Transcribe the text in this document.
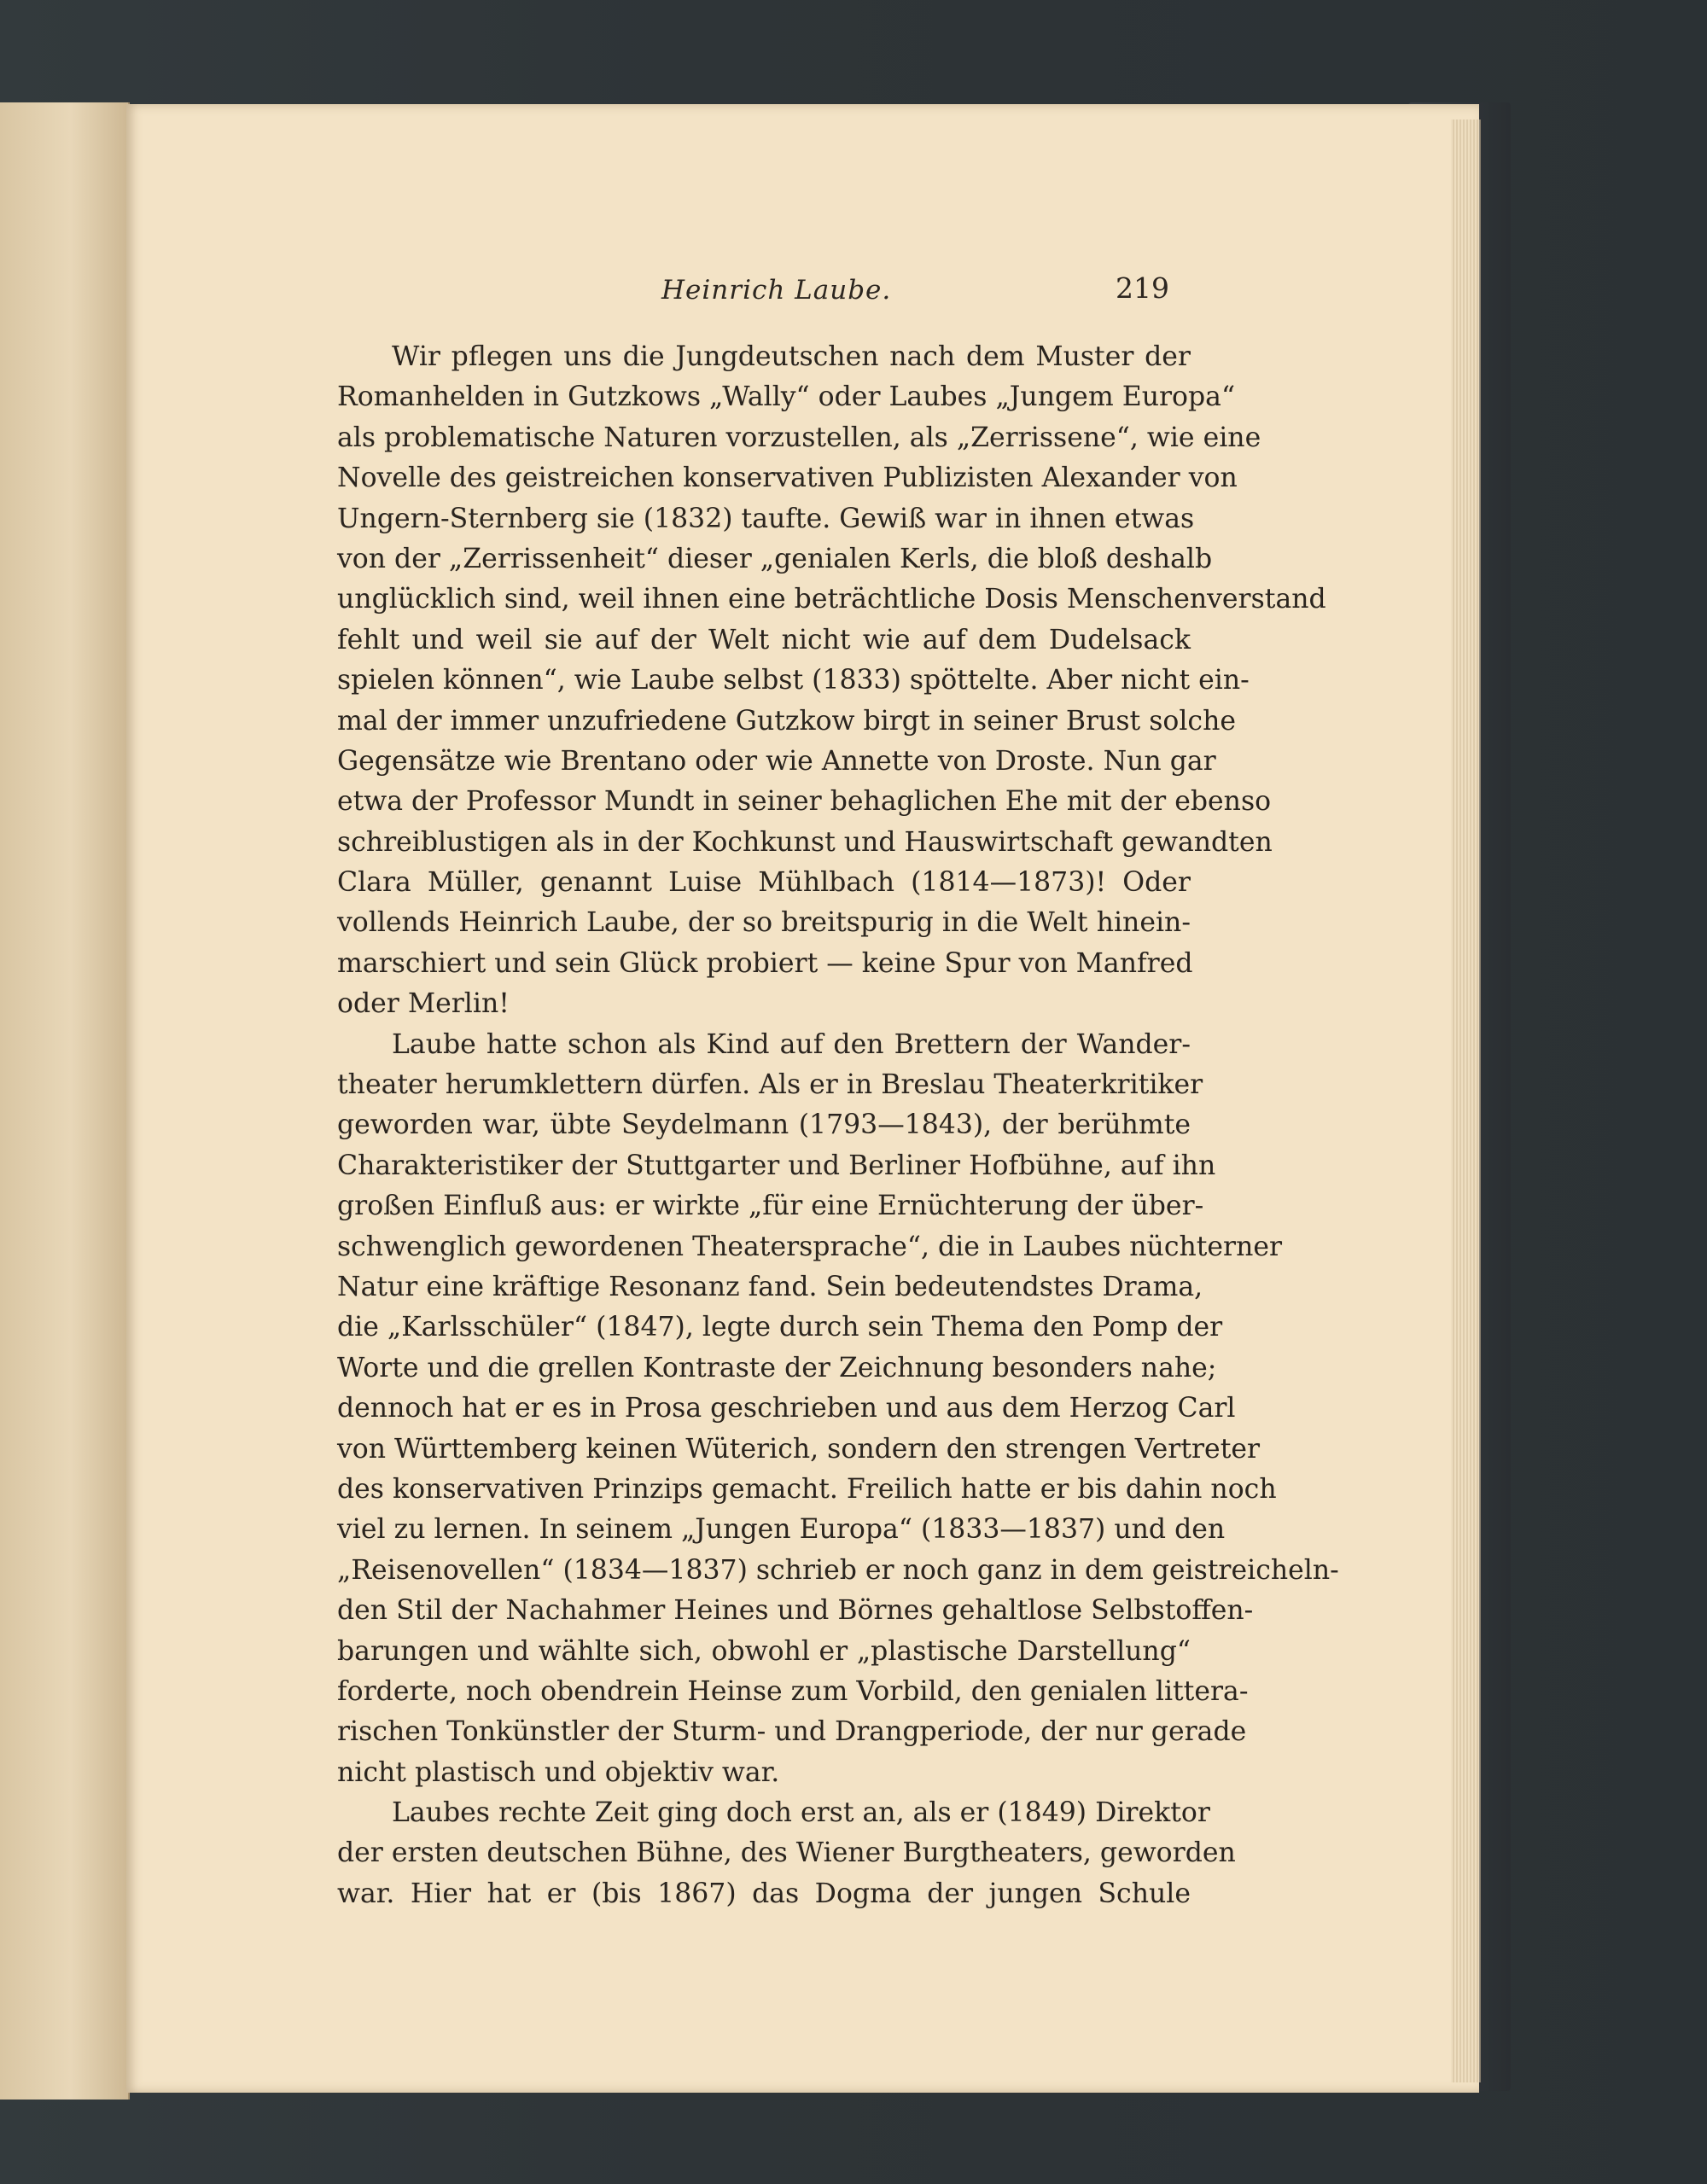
Heinrich Laube.	219
Wir pflegen uns die Jungdeutschen nach dem Muster der
Romanhelden in Gutzkows „Wally“ oder Laubes „Jungem Europa“
als problematische Naturen vorzustellen, als „Zerrissene“, wie eine
Novelle des geistreichen konservativen Publizisten Alexander von
Ungern-Sternberg sie (1832) taufte. Gewiß war in ihnen etwas
von der „Zerrissenheit“ dieser „genialen Kerls, die bloß deshalb
unglücklich sind, weil ihnen eine beträchtliche Dosis Menschenverstand
fehlt und weil sie auf der Welt nicht wie auf dem Dudelsack
spielen können“, wie Laube selbst (1833) spöttelte. Aber nicht ein-
mal der immer unzufriedene Gutzkow birgt in seiner Brust solche
Gegensätze wie Brentano oder wie Annette von Droste. Nun gar
etwa der Professor Mundt in seiner behaglichen Ehe mit der ebenso
schreiblustigen als in der Kochkunst und Hauswirtschaft gewandten
Clara Müller, genannt Luise Mühlbach (1814—1873)! Oder
vollends Heinrich Laube, der so breitspurig in die Welt hinein-
marschiert und sein Glück probiert — keine Spur von Manfred
oder Merlin!
Laube hatte schon als Kind auf den Brettern der Wander-
theater herumklettern dürfen. Als er in Breslau Theaterkritiker
geworden war, übte Seydelmann (1793—1843), der berühmte
Charakteristiker der Stuttgarter und Berliner Hofbühne, auf ihn
großen Einfluß aus: er wirkte „für eine Ernüchterung der über-
schwenglich gewordenen Theatersprache“, die in Laubes nüchterner
Natur eine kräftige Resonanz fand. Sein bedeutendstes Drama,
die „Karlsschüler“ (1847), legte durch sein Thema den Pomp der
Worte und die grellen Kontraste der Zeichnung besonders nahe;
dennoch hat er es in Prosa geschrieben und aus dem Herzog Carl
von Württemberg keinen Wüterich, sondern den strengen Vertreter
des konservativen Prinzips gemacht. Freilich hatte er bis dahin noch
viel zu lernen. In seinem „Jungen Europa“ (1833—1837) und den
„Reisenovellen“ (1834—1837) schrieb er noch ganz in dem geistreicheln-
den Stil der Nachahmer Heines und Börnes gehaltlose Selbstoffen-
barungen und wählte sich, obwohl er „plastische Darstellung“
forderte, noch obendrein Heinse zum Vorbild, den genialen littera-
rischen Tonkünstler der Sturm- und Drangperiode, der nur gerade
nicht plastisch und objektiv war.
Laubes rechte Zeit ging doch erst an, als er (1849) Direktor
der ersten deutschen Bühne, des Wiener Burgtheaters, geworden
war. Hier hat er (bis 1867) das Dogma der jungen Schule
